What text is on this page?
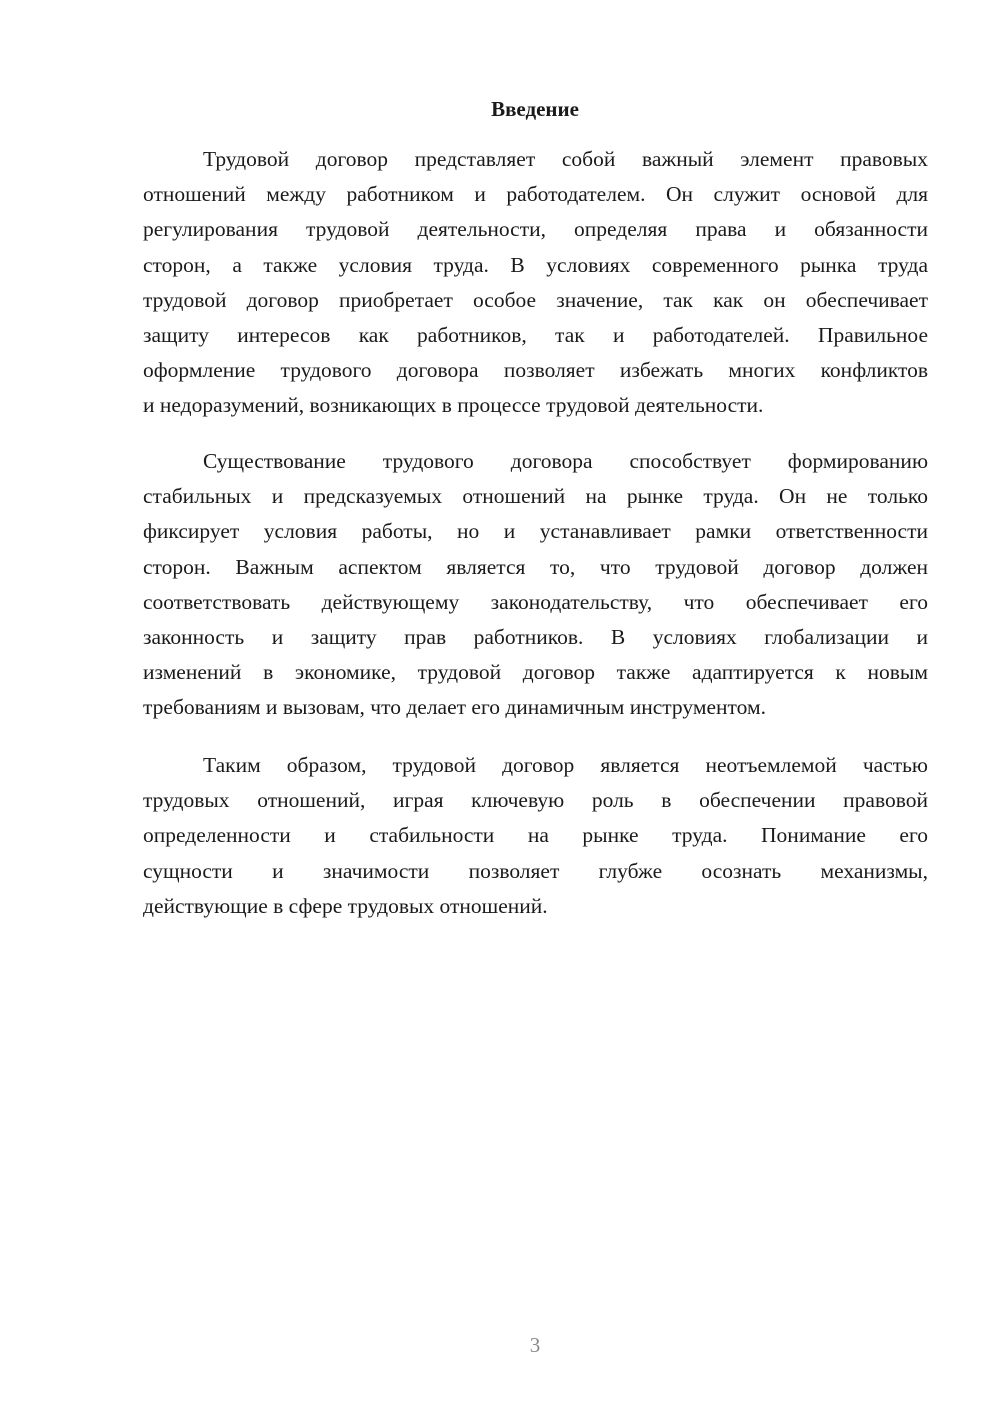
Введение
Трудовой договор представляет собой важный элемент правовых
отношений между работником и работодателем. Он служит основой для
регулирования трудовой деятельности, определяя права и обязанности
сторон, а также условия труда. В условиях современного рынка труда
трудовой договор приобретает особое значение, так как он обеспечивает
защиту интересов как работников, так и работодателей. Правильное
оформление трудового договора позволяет избежать многих конфликтов
и недоразумений, возникающих в процессе трудовой деятельности.
Существование трудового договора способствует формированию
стабильных и предсказуемых отношений на рынке труда. Он не только
фиксирует условия работы, но и устанавливает рамки ответственности
сторон. Важным аспектом является то, что трудовой договор должен
соответствовать действующему законодательству, что обеспечивает его
законность и защиту прав работников. В условиях глобализации и
изменений в экономике, трудовой договор также адаптируется к новым
требованиям и вызовам, что делает его динамичным инструментом.
Таким образом, трудовой договор является неотъемлемой частью
трудовых отношений, играя ключевую роль в обеспечении правовой
определенности и стабильности на рынке труда. Понимание его
сущности и значимости позволяет глубже осознать механизмы,
действующие в сфере трудовых отношений.
3
